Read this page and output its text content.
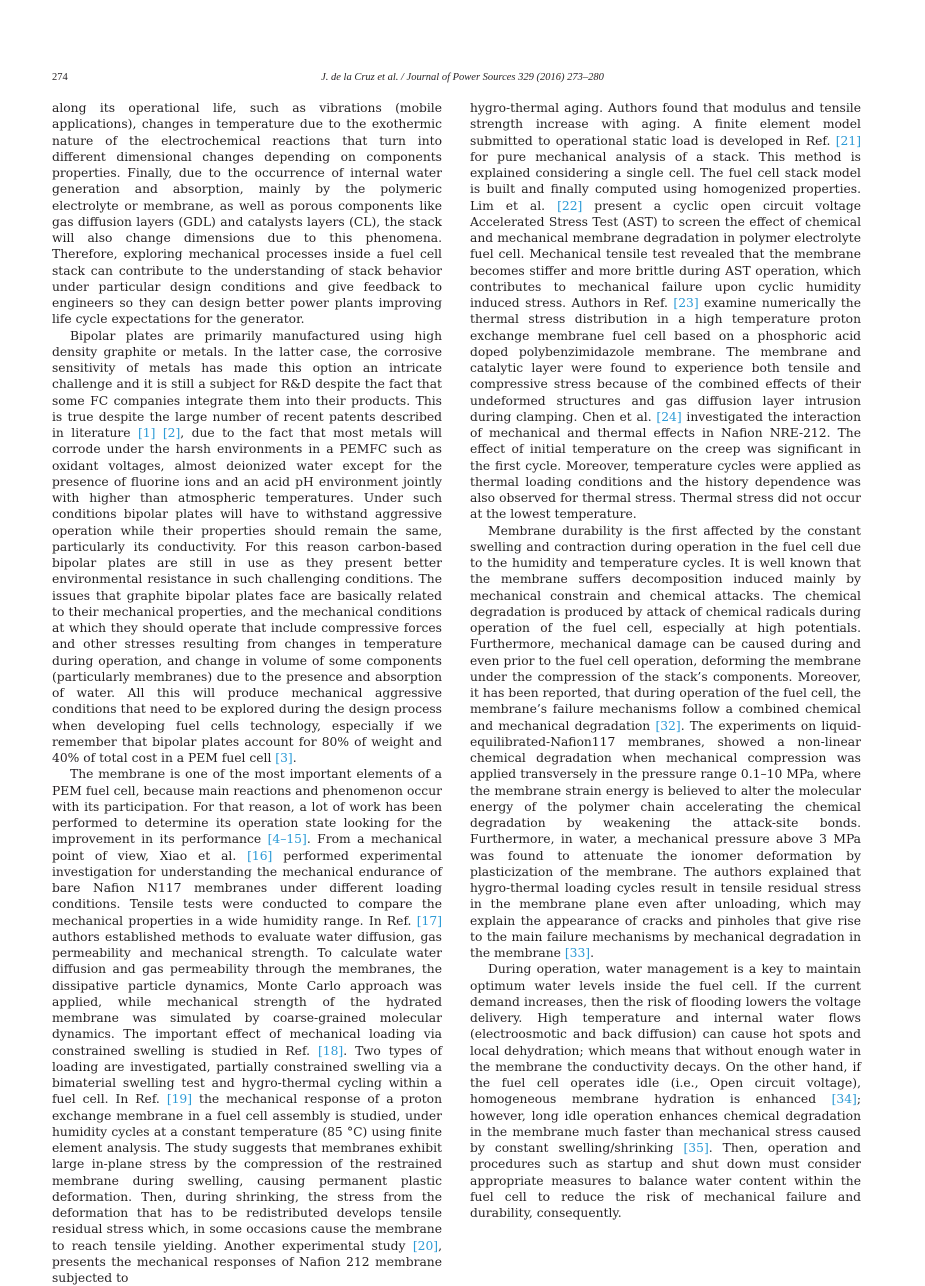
274	J. de la Cruz et al. / Journal of Power Sources 329 (2016) 273–280

along its operational life, such as vibrations (mobile applications), changes in temperature due to the exothermic nature of the electrochemical reactions that turn into different dimensional changes depending on components properties. Finally, due to the occurrence of internal water generation and absorption, mainly by the polymeric electrolyte or membrane, as well as porous components like gas diffusion layers (GDL) and catalysts layers (CL), the stack will also change dimensions due to this phenomena. Therefore, exploring mechanical processes inside a fuel cell stack can contribute to the understanding of stack behavior under particular design conditions and give feedback to engineers so they can design better power plants improving life cycle expectations for the generator.

Bipolar plates are primarily manufactured using high density graphite or metals. In the latter case, the corrosive sensitivity of metals has made this option an intricate challenge and it is still a subject for R&D despite the fact that some FC companies integrate them into their products. This is true despite the large number of recent patents described in literature [1] [2], due to the fact that most metals will corrode under the harsh environments in a PEMFC such as oxidant voltages, almost deionized water except for the presence of fluorine ions and an acid pH environment jointly with higher than atmospheric temperatures. Under such conditions bipolar plates will have to withstand aggressive operation while their properties should remain the same, particularly its conductivity. For this reason carbon-based bipolar plates are still in use as they present better environmental resistance in such challenging conditions. The issues that graphite bipolar plates face are basically related to their mechanical properties, and the mechanical conditions at which they should operate that include compressive forces and other stresses resulting from changes in temperature during operation, and change in volume of some components (particularly membranes) due to the presence and absorption of water. All this will produce mechanical aggressive conditions that need to be explored during the design process when developing fuel cells technology, especially if we remember that bipolar plates account for 80% of weight and 40% of total cost in a PEM fuel cell [3].

The membrane is one of the most important elements of a PEM fuel cell, because main reactions and phenomenon occur with its participation. For that reason, a lot of work has been performed to determine its operation state looking for the improvement in its performance [4–15]. From a mechanical point of view, Xiao et al. [16] performed experimental investigation for understanding the mechanical endurance of bare Nafion N117 membranes under different loading conditions. Tensile tests were conducted to compare the mechanical properties in a wide humidity range. In Ref. [17] authors established methods to evaluate water diffusion, gas permeability and mechanical strength. To calculate water diffusion and gas permeability through the membranes, the dissipative particle dynamics, Monte Carlo approach was applied, while mechanical strength of the hydrated membrane was simulated by coarse-grained molecular dynamics. The important effect of mechanical loading via constrained swelling is studied in Ref. [18]. Two types of loading are investigated, partially constrained swelling via a bimaterial swelling test and hygro-thermal cycling within a fuel cell. In Ref. [19] the mechanical response of a proton exchange membrane in a fuel cell assembly is studied, under humidity cycles at a constant temperature (85 °C) using finite element analysis. The study suggests that membranes exhibit large in-plane stress by the compression of the restrained membrane during swelling, causing permanent plastic deformation. Then, during shrinking, the stress from the deformation that has to be redistributed develops tensile residual stress which, in some occasions cause the membrane to reach tensile yielding. Another experimental study [20], presents the mechanical responses of Nafion 212 membrane subjected to

hygro-thermal aging. Authors found that modulus and tensile strength increase with aging. A finite element model submitted to operational static load is developed in Ref. [21] for pure mechanical analysis of a stack. This method is explained considering a single cell. The fuel cell stack model is built and finally computed using homogenized properties. Lim et al. [22] present a cyclic open circuit voltage Accelerated Stress Test (AST) to screen the effect of chemical and mechanical membrane degradation in polymer electrolyte fuel cell. Mechanical tensile test revealed that the membrane becomes stiffer and more brittle during AST operation, which contributes to mechanical failure upon cyclic humidity induced stress. Authors in Ref. [23] examine numerically the thermal stress distribution in a high temperature proton exchange membrane fuel cell based on a phosphoric acid doped polybenzimidazole membrane. The membrane and catalytic layer were found to experience both tensile and compressive stress because of the combined effects of their undeformed structures and gas diffusion layer intrusion during clamping. Chen et al. [24] investigated the interaction of mechanical and thermal effects in Nafion NRE-212. The effect of initial temperature on the creep was significant in the first cycle. Moreover, temperature cycles were applied as thermal loading conditions and the history dependence was also observed for thermal stress. Thermal stress did not occur at the lowest temperature.

Membrane durability is the first affected by the constant swelling and contraction during operation in the fuel cell due to the humidity and temperature cycles. It is well known that the membrane suffers decomposition induced mainly by mechanical constrain and chemical attacks. The chemical degradation is produced by attack of chemical radicals during operation of the fuel cell, especially at high potentials. Furthermore, mechanical damage can be caused during and even prior to the fuel cell operation, deforming the membrane under the compression of the stack’s components. Moreover, it has been reported, that during operation of the fuel cell, the membrane’s failure mechanisms follow a combined chemical and mechanical degradation [32]. The experiments on liquid-equilibrated-Nafion117 membranes, showed a non-linear chemical degradation when mechanical compression was applied transversely in the pressure range 0.1–10 MPa, where the membrane strain energy is believed to alter the molecular energy of the polymer chain accelerating the chemical degradation by weakening the attack-site bonds. Furthermore, in water, a mechanical pressure above 3 MPa was found to attenuate the ionomer deformation by plasticization of the membrane. The authors explained that hygro-thermal loading cycles result in tensile residual stress in the membrane plane even after unloading, which may explain the appearance of cracks and pinholes that give rise to the main failure mechanisms by mechanical degradation in the membrane [33].

During operation, water management is a key to maintain optimum water levels inside the fuel cell. If the current demand increases, then the risk of flooding lowers the voltage delivery. High temperature and internal water flows (electroosmotic and back diffusion) can cause hot spots and local dehydration; which means that without enough water in the membrane the conductivity decays. On the other hand, if the fuel cell operates idle (i.e., Open circuit voltage), homogeneous membrane hydration is enhanced [34]; however, long idle operation enhances chemical degradation in the membrane much faster than mechanical stress caused by constant swelling/shrinking [35]. Then, operation and procedures such as startup and shut down must consider appropriate measures to balance water content within the fuel cell to reduce the risk of mechanical failure and durability, consequently.
